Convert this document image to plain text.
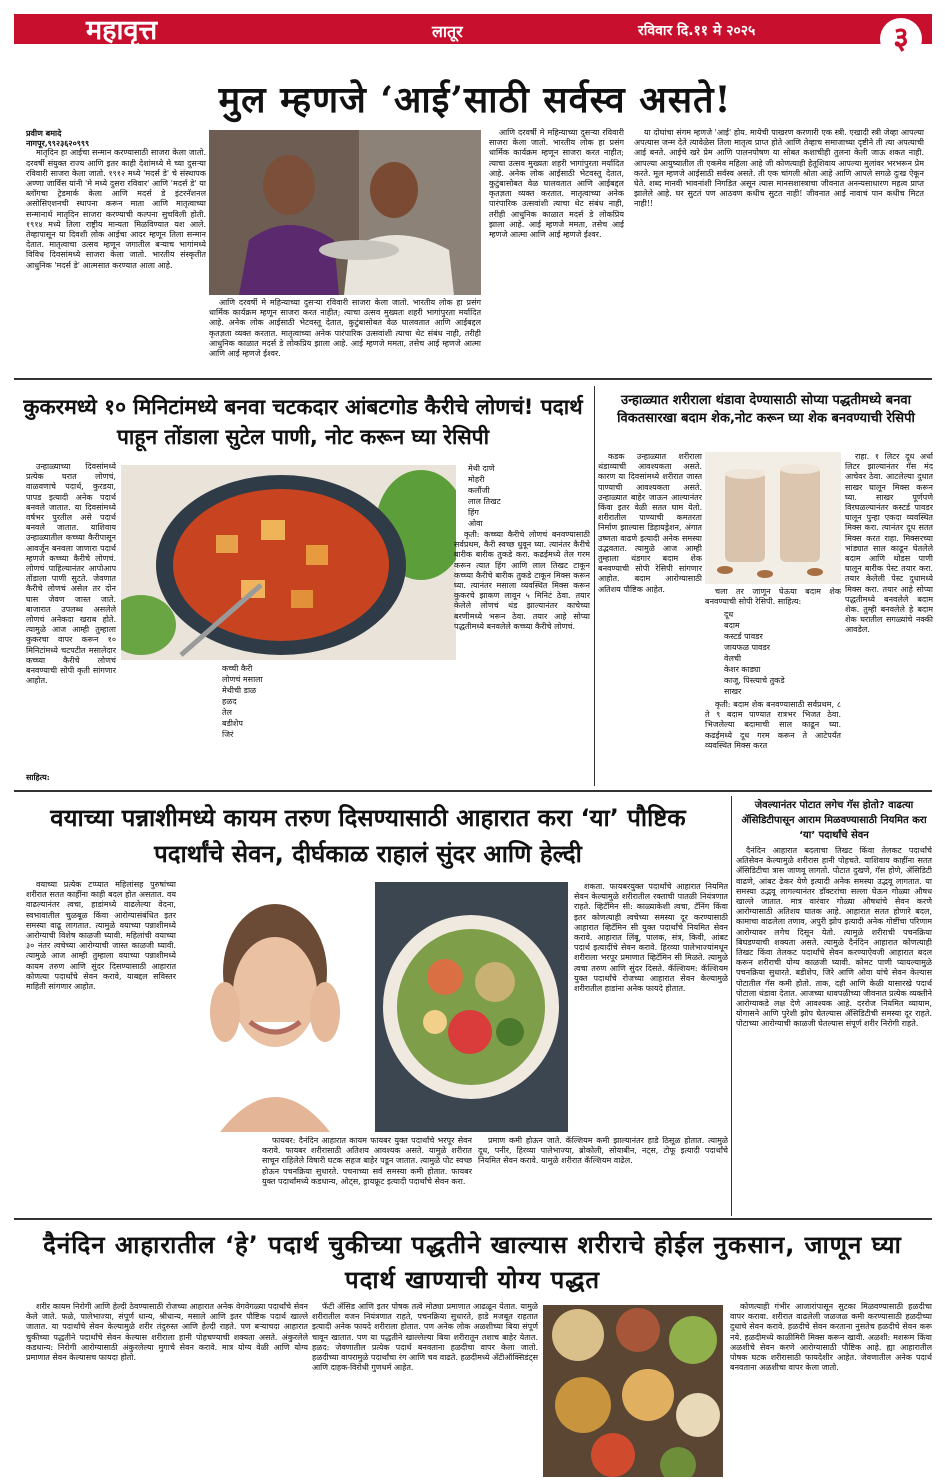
महावृत्त	लातूर	रविवार दि.११ मे २०२५	३
मुल म्हणजे ‘आई’साठी सर्वस्व असते!

प्रवीण बमादे

नागपूर,९९२३६२०९९९

मातृदिन हा आईचा सन्मान करण्यासाठी साजरा केला जातो. दरवर्षी संयुक्त राज्य आणि इतर काही देशांमध्ये मे च्या दुसऱ्या रविवारी साजरा केला जातो. १९१२ मध्ये 'मदर्स डे' चे संस्थापक अण्णा जार्विस यांनी 'मे मध्ये दुसरा रविवार' आणि 'मदर्स डे' या ब्लॉगचा ट्रेडमार्क केला आणि मदर्स डे इंटरनॅशनल असोसिएशनची स्थापना करून माता आणि मातृत्वाच्या सन्मानार्थ मातृदिन साजरा करण्याची कल्पना सुचविली होती. १९१४ मध्ये तिला राष्ट्रीय मान्यता मिळविण्यात यश आले. तेव्हापासून या दिवशी लोक आईचा आदर म्हणून तिला सन्मान देतात. मातृत्वाचा उत्सव म्हणून जगातील बऱ्याच भागांमध्ये विविध दिवसांमध्ये साजरा केला जातो. भारतीय संस्कृतीत आधुनिक 'मदर्स डे' आत्मसात करण्यात आला आहे.

आणि दरवर्षी मे महिन्याच्या दुसऱ्या रविवारी साजरा केला जातो. भारतीय लोक हा प्रसंग धार्मिक कार्यक्रम म्हणून साजरा करत नाहीत; त्याचा उत्सव मुख्यतः शहरी भागांपुरता मर्यादित आहे. अनेक लोक आईसाठी भेटवस्तू देतात, कुटुंबासोबत वेळ घालवतात आणि आईबद्दल कृतज्ञता व्यक्त करतात. मातृत्वाच्या अनेक पारंपारिक उत्सवांशी त्याचा थेट संबंध नाही, तरीही आधुनिक काळात मदर्स डे लोकप्रिय झाला आहे. आई म्हणजे ममता, तसेच आई म्हणजे आत्मा आणि आई म्हणजे ईश्वर.

आणि दरवर्षी मे महिन्याच्या दुसऱ्या रविवारी साजरा केला जातो. भारतीय लोक हा प्रसंग धार्मिक कार्यक्रम म्हणून साजरा करत नाहीत; त्याचा उत्सव मुख्यतः शहरी भागांपुरता मर्यादित आहे. अनेक लोक आईसाठी भेटवस्तू देतात, कुटुंबासोबत वेळ घालवतात आणि आईबद्दल कृतज्ञता व्यक्त करतात. मातृत्वाच्या अनेक पारंपारिक उत्सवांशी त्याचा थेट संबंध नाही, तरीही आधुनिक काळात मदर्स डे लोकप्रिय झाला आहे. आई म्हणजे ममता, तसेच आई म्हणजे आत्मा आणि आई म्हणजे ईश्वर.

या दोघांचा संगम म्हणजे 'आई' होय. मायेची पाखरण करणारी एक स्त्री. एखादी स्त्री जेव्हा आपल्या अपत्यास जन्म देते त्यावेळेस तिला मातृत्व प्राप्त होते आणि तेव्हाच समाजाच्या दृष्टीने ती त्या अपत्याची आई बनते. आईचे खरे प्रेम आणि पालनपोषण या सोबत कशाचीही तुलना केली जाऊ शकत नाही. आपल्या आयुष्यातील ती एकमेव महिला आहे जी कोणत्याही हेतूशिवाय आपल्या मुलांवर भरभरून प्रेम करते. मूल म्हणजे आईसाठी सर्वस्व असते. ती एक चांगली श्रोता आहे आणि आपले सगळे दुःख ऐकून घेते. शब्द मानवी भावनांशी निगडित असून त्यास मानसशास्त्राचा जीवनात अनन्यसाधारण महत्व प्राप्त झालेले आहे. घर सुटतं पण आठवण कधीच सुटत नाही! जीवनात आई नावाचं पान कधीच मिटत नाही!!

कुकरमध्ये १० मिनिटांमध्ये बनवा चटकदार आंबटगोड कैरीचे लोणचं! पदार्थ पाहून तोंडाला सुटेल पाणी, नोट करून घ्या रेसिपी

उन्हाळ्याच्या दिवसांमध्ये प्रत्येक घरात लोणचं, वाळवणाचे पदार्थ, कुरडया, पापड इत्यादी अनेक पदार्थ बनवले जातात. या दिवसांमध्ये वर्षभर पुरतील असे पदार्थ बनवले जातात. याशिवाय उन्हाळ्यातील कच्च्या कैरीपासून आवर्जून बनवला जाणारा पदार्थ म्हणजे कच्च्या कैरीचे लोणचं. लोणचं पाहिल्यानंतर आपोआप तोंडाला पाणी सुटते. जेवणात कैरीचे लोणचं असेल तर दोन घास जेवण जास्त जाते. बाजारात उपलब्ध असलेले लोणचं अनेकदा खराब होते. त्यामुळे आज आम्ही तुम्हाला कुकरचा वापर करून १० मिनिटांमध्ये चटपटीत मसालेदार कच्च्या कैरीचे लोणचं बनवण्याची सोपी कृती सांगणार आहोत.

साहित्य:

कच्ची कैरी
लोणचं मसाला
मेथीची डाळ
हळद
तेल
बडीशेप
जिरं
मेथी दाणे
मोहरी
कलौंजी
लाल तिखट
हिंग
ओवा

कृती: कच्च्या कैरीचे लोणचं बनवण्यासाठी सर्वप्रथम, कैरी स्वच्छ धुवून घ्या. त्यानंतर कैरीचे बारीक बारीक तुकडे करा. कढईमध्ये तेल गरम करून त्यात हिंग आणि लाल तिखट टाकून कच्च्या कैरीचे बारीक तुकडे टाकून मिक्स करून घ्या. त्यानंतर मसाला व्यवस्थित मिक्स करून कुकरचे झाकण लावून ५ मिनिटं ठेवा. तयार केलेले लोणचं थंड झाल्यानंतर काचेच्या बरणीमध्ये भरून ठेवा. तयार आहे सोप्या पद्धतीमध्ये बनवलेले कच्च्या कैरीचे लोणचं.

उन्हाळ्यात शरीराला थंडावा देण्यासाठी सोप्या पद्धतीमध्ये बनवा विकतसारखा बदाम शेक,नोट करून घ्या शेक बनवण्याची रेसिपी

कडक उन्हाळ्यात शरीराला थंडाव्याची आवश्यकता असते. कारण या दिवसांमध्ये शरीरात जास्त पाण्याची आवश्यकता असते. उन्हाळ्यात बाहेर जाऊन आल्यानंतर किंवा इतर वेळी सतत घाम येतो. शरीरातील पाण्याची कमतरता निर्माण झाल्यास डिहायड्रेशन, अंगात उष्णता वाढणे इत्यादी अनेक समस्या उद्भवतात. त्यामुळे आज आम्ही तुम्हाला थंडगार बदाम शेक बनवण्याची सोपी रेसिपी सांगणार आहोत. बदाम आरोग्यासाठी अतिशय पौष्टिक आहेत.	चला तर जाणून घेऊया बदाम शेक बनवण्याची सोपी रेसिपी. साहित्य:

दूध
बदाम
कस्टर्ड पावडर
जायफळ पावडर
वेलची
केशर काड्या
काजू, पिस्त्याचे तुकडे
साखर

कृती: बदाम शेक बनवण्यासाठी सर्वप्रथम, ८ ते ९ बदाम पाण्यात रात्रभर भिजत ठेवा. भिजलेल्या बदामाची साल काढून घ्या. कढईमध्ये दूध गरम करून ते आटेपर्यंत व्यवस्थित मिक्स करत

राहा. १ लिटर दूध अर्धा लिटर झाल्यानंतर गॅस मंद आचेवर ठेवा. आटलेल्या दुधात साखर घालून मिक्स करून घ्या. साखर पूर्णपणे विरघळल्यानंतर कस्टर्ड पावडर घालून पुन्हा एकदा व्यवस्थित मिक्स करा. त्यानंतर दूध सतत मिक्स करत राहा. मिक्सरच्या भांड्यात साल काढून घेतलेले बदाम आणि थोडस पाणी घालून बारीक पेस्ट तयार करा. तयार केलेली पेस्ट दुधामध्ये मिक्स करा. तयार आहे सोप्या पद्धतीमध्ये बनवलेले बदाम शेक. तुम्ही बनवलेले हे बदाम शेक घरातील सगळ्यांचे नक्की आवडेल.

वयाच्या पन्नाशीमध्ये कायम तरुण दिसण्यासाठी आहारात करा ‘या’ पौष्टिक पदार्थांचे सेवन, दीर्घकाळ राहालं सुंदर आणि हेल्दी

वयाच्या प्रत्येक टप्प्यात महिलांसह पुरुषांच्या शरीरात सतत काहींना काही बदल होत असतात. वय वाढल्यानंतर त्वचा, हाडांमध्ये वाढलेल्या वेदना, स्वभावातील चुळबूळ किंवा आरोग्यासंबंधित इतर समस्या वाढू लागतात. त्यामुळे वयाच्या पन्नाशीमध्ये आरोग्याची विशेष काळजी घ्यावी. महिलांची वयाच्या ३० नंतर त्वचेच्या आरोग्याची जास्त काळजी घ्यावी. त्यामुळे आज आम्ही तुम्हाला वयाच्या पन्नाशीमध्ये कायम तरुण आणि सुंदर दिसण्यासाठी आहारात कोणत्या पदार्थांचे सेवन करावे, याबद्दल सविस्तर माहिती सांगणार आहोत.

फायबर: दैनंदिन आहारात कायम फायबर युक्त पदार्थांचे भरपूर सेवन करावे. फायबर शरीरासाठी अतिशय आवश्यक असते. यामुळे शरीरात साचून राहिलेले विषारी घटक सहज बाहेर पडून जातात. त्यामुळे पोट स्वच्छ होऊन पचनक्रिया सुधारते. पचनाच्या सर्व समस्या कमी होतात. फायबर युक्त पदार्थांमध्ये कडधान्य, ओट्स, ड्रायफ्रूट इत्यादी पदार्थांचे सेवन करा.

प्रमाण कमी होऊन जाते. कॅल्शियम कमी झाल्यानंतर हाडे ठिसूळ होतात. त्यामुळे दूध, पनीर, हिरव्या पालेभाज्या, ब्रोकोली, सोयाबीन, नट्स, टोफू इत्यादी पदार्थांचे नियमित सेवन करावे. यामुळे शरीरात कॅल्शियम वाढेल.

शकता. फायबरयुक्त पदार्थांचे आहारात नियमित सेवन केल्यामुळे शरीरातील रक्ताची पातळी नियंत्रणात राहते. व्हिटॅमिन सी: काळ्याकेशी त्वचा, टॅनिंग किंवा इतर कोणत्याही त्वचेच्या समस्या दूर करण्यासाठी आहारात व्हिटॅमिन सी युक्त पदार्थांचे नियमित सेवन करावे. आहारात लिंबू, पालक, संत्र, किवी, आंबट पदार्थ इत्यादींचे सेवन करावे. हिरव्या पालेभाज्यांमधून शरीराला भरपूर प्रमाणात व्हिटॅमिन सी मिळते. त्यामुळे त्वचा तरुण आणि सुंदर दिसते. कॅल्शियम: कॅल्शियम युक्त पदार्थांचे रोजच्या आहारात सेवन केल्यामुळे शरीरातील हाडांना अनेक फायदे होतात.

जेवल्यानंतर पोटात लगेच गॅस होतो? वाढत्या ॲसिडिटीपासून आराम मिळवण्यासाठी नियमित करा ‘या’ पदार्थांचे सेवन

दैनंदिन आहारात बदलाचा तिखट किंवा तेलकट पदार्थांचे अतिसेवन केल्यामुळे शरीरास हानी पोहचते. याशिवाय काहींना सतत ॲसिडिटीचा त्रास जाणवू लागतो. पोटात दुखणे, गॅस होणे, ॲसिडिटी वाढणे, आंबट ढेकर येणे इत्यादी अनेक समस्या उद्भवू लागतात. या समस्या उद्भवू लागल्यानंतर डॉक्टरांचा सल्ला घेऊन गोळ्या औषध खाल्ले जातात. मात्र वारंवार गोळ्या औषधांचे सेवन करणे आरोग्यासाठी अतिशय घातक आहे. आहारात सतत होणारे बदल, कामाचा वाढलेला तणाव, अपुरी झोप इत्यादी अनेक गोष्टींचा परिणाम आरोग्यावर लगेच दिसून येतो. त्यामुळे शरीराची पचनक्रिया बिघडण्याची शक्यता असते. त्यामुळे दैनंदिन आहारात कोणत्याही तिखट किंवा तेलकट पदार्थांचे सेवन करण्याऐवजी आहारात बदल करून शरीराची योग्य काळजी घ्यावी. कोमट पाणी प्यायल्यामुळे पचनक्रिया सुधारते. बडीशेप, जिरे आणि ओवा यांचे सेवन केल्यास पोटातील गॅस कमी होतो. ताक, दही आणि केळी यासारखे पदार्थ पोटाला थंडावा देतात. आजच्या धावपळीच्या जीवनात प्रत्येक व्यक्तीने आरोग्याकडे लक्ष देणे आवश्यक आहे. दररोज नियमित व्यायाम, योगासने आणि पुरेशी झोप घेतल्यास ॲसिडिटीची समस्या दूर राहते. पोटाच्या आरोग्याची काळजी घेतल्यास संपूर्ण शरीर निरोगी राहते.

दैनंदिन आहारातील ‘हे’ पदार्थ चुकीच्या पद्धतीने खाल्यास शरीराचे होईल नुकसान, जाणून घ्या पदार्थ खाण्याची योग्य पद्धत

शरीर कायम निरोगी आणि हेल्दी ठेवण्यासाठी रोजच्या आहारात अनेक वेगवेगळ्या पदार्थांचे सेवन केले जाते. फळे, पालेभाज्या, संपूर्ण धान्य, श्रीधान्य, मसाले आणि इतर पौष्टिक पदार्थ खाल्ले जातात. या पदार्थांचे सेवन केल्यामुळे शरीर तंदुरुस्त आणि हेल्दी राहते. पण बऱ्याचदा आहारात चुकीच्या पद्धतीने पदार्थांचे सेवन केल्यास शरीराला हानी पोहचण्याची शक्यता असते. अंकुरलेले कडधान्य: निरोगी आरोग्यासाठी अंकुरलेल्या मुगाचे सेवन करावे. मात्र योग्य वेळी आणि योग्य प्रमाणात सेवन केल्यासच फायदा होतो.

फॅटी ॲसिड आणि इतर पोषक तत्वे मोठ्या प्रमाणात आढळून येतात. यामुळे शरीरातील वजन नियंत्रणात राहते, पचनक्रिया सुधारते, हाडे मजबूत राहतात इत्यादी अनेक फायदे शरीराला होतात. पण अनेक लोक अळशीच्या बिया संपूर्ण चावून खातात. पण या पद्धतीने खाल्लेल्या बिया शरीरातून तशाच बाहेर येतात. हळद: जेवणातील प्रत्येक पदार्थ बनवताना हळदीचा वापर केला जातो. हळदीच्या वापरामुळे पदार्थांचा रंग आणि चव वाढते. हळदीमध्ये अँटीऑक्सिडंट्स आणि दाहक-विरोधी गुणधर्म आहेत.

कोणत्याही गंभीर आजारांपासून सुटका मिळवण्यासाठी हळदीचा वापर करावा. शरीरात वाढलेली जळजळ कमी करण्यासाठी हळदीच्या दुधाचे सेवन करावे. हळदीचे सेवन करताना नुसतेच हळदीचे सेवन करू नये. हळदीमध्ये काळीमिरी मिक्स करून खावी. अळशी: मशरूम किंवा अळशीचे सेवन करणे आरोग्यासाठी पौष्टिक आहे. ह्या आहारातील पोषक घटक शरीरासाठी फायदेशीर आहेत. जेवणातील अनेक पदार्थ बनवताना अळशीचा वापर केला जातो.
